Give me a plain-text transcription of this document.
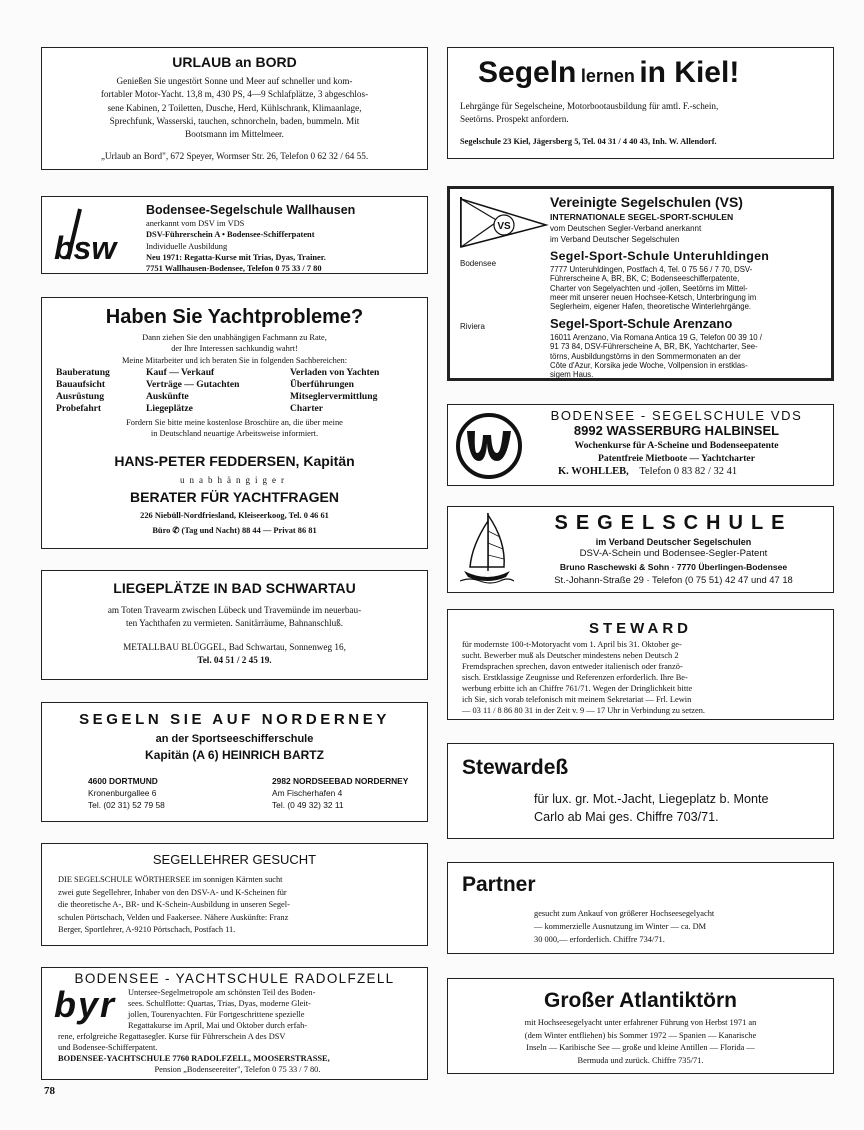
URLAUB an BORD
Genießen Sie ungestört Sonne und Meer auf schneller und kom-
fortabler Motor-Yacht. 13,8 m, 430 PS, 4—9 Schlafplätze, 3 abgeschlos-
sene Kabinen, 2 Toiletten, Dusche, Herd, Kühlschrank, Klimaanlage,
Sprechfunk, Wasserski, tauchen, schnorcheln, baden, bummeln. Mit
Bootsmann im Mittelmeer.
„Urlaub an Bord", 672 Speyer, Wormser Str. 26, Telefon 0 62 32 / 64 55.
bsw
Bodensee-Segelschule Wallhausen
anerkannt vom DSV im VDS
DSV-Führerschein A • Bodensee-Schifferpatent
Individuelle Ausbildung
Neu 1971: Regatta-Kurse mit Trias, Dyas, Trainer.
7751 Wallhausen-Bodensee, Telefon 0 75 33 / 7 80
Haben Sie Yachtprobleme?
Dann ziehen Sie den unabhängigen Fachmann zu Rate,
der Ihre Interessen sachkundig wahrt!
Meine Mitarbeiter und ich beraten Sie in folgenden Sachbereichen:
Bauberatung
Bauaufsicht
Ausrüstung
Probefahrt
Kauf — Verkauf
Verträge — Gutachten
Auskünfte
Liegeplätze
Verladen von Yachten
Überführungen
Mitseglervermittlung
Charter
Fordern Sie bitte meine kostenlose Broschüre an, die über meine
in Deutschland neuartige Arbeitsweise informiert.
HANS-PETER FEDDERSEN, Kapitän
unabhängiger
BERATER FÜR YACHTFRAGEN
226 Niebüll-Nordfriesland, Kleiseerkoog, Tel. 0 46 61
Büro ✆ (Tag und Nacht) 88 44 — Privat 86 81
LIEGEPLÄTZE IN BAD SCHWARTAU
am Toten Travearm zwischen Lübeck und Travemünde im neuerbau-
ten Yachthafen zu vermieten. Sanitärräume, Bahnanschluß.
METALLBAU BLÜGGEL, Bad Schwartau, Sonnenweg 16,
Tel. 04 51 / 2 45 19.
SEGELN SIE AUF NORDERNEY
an der Sportseeschifferschule
Kapitän (A 6) HEINRICH BARTZ
4600 DORTMUND
Kronenburgallee 6
Tel. (02 31) 52 79 58
2982 NORDSEEBAD NORDERNEY
Am Fischerhafen 4
Tel. (0 49 32) 32 11
SEGELLEHRER GESUCHT
DIE SEGELSCHULE WÖRTHERSEE im sonnigen Kärnten sucht
zwei gute Segellehrer, Inhaber von den DSV-A- und K-Scheinen für
die theoretische A-, BR- und K-Schein-Ausbildung in unseren Segel-
schulen Pörtschach, Velden und Faakersee. Nähere Auskünfte: Franz
Berger, Sportlehrer, A-9210 Pörtschach, Postfach 11.
BODENSEE - YACHTSCHULE RADOLFZELL
byr Untersee-Segelmetropole am schönsten Teil des Boden-
sees. Schulflotte: Quartas, Trias, Dyas, moderne Gleit-
jollen, Tourenyachten. Für Fortgeschrittene spezielle
Regattakurse im April, Mai und Oktober durch erfah-
rene, erfolgreiche Regattasegler. Kurse für Führerschein A des DSV
und Bodensee-Schifferpatent.
BODENSEE-YACHTSCHULE 7760 RADOLFZELL, MOOSERSTRASSE,
Pension „Bodenseereiter", Telefon 0 75 33 / 7 80.
78
Segeln lernen in Kiel!
Lehrgänge für Segelscheine, Motorbootausbildung für amtl. F.-schein,
Seetörns. Prospekt anfordern.
Segelschule 23 Kiel, Jägersberg 5, Tel. 04 31 / 4 40 43, Inh. W. Allendorf.
VS
Vereinigte Segelschulen (VS)
INTERNATIONALE SEGEL-SPORT-SCHULEN
vom Deutschen Segler-Verband anerkannt
im Verband Deutscher Segelschulen
Bodensee
Segel-Sport-Schule Unteruhldingen
7777 Unteruhldingen, Postfach 4, Tel. 0 75 56 / 7 70, DSV-
Führerscheine A, BR, BK, C; Bodenseeschifferpatente,
Charter von Segelyachten und -jollen, Seetörns im Mittel-
meer mit unserer neuen Hochsee-Ketsch, Unterbringung im
Seglerheim, eigener Hafen, theoretische Winterlehrgänge.
Riviera	Segel-Sport-Schule Arenzano
16011 Arenzano, Via Romana Antica 19 G, Telefon 00 39 10 /
91 73 84, DSV-Führerscheine A, BR, BK, Yachtcharter, See-
törns, Ausbildungstörns in den Sommermonaten an der
Côte d'Azur, Korsika jede Woche, Vollpension in erstklas-
sigem Haus.
BODENSEE - SEGELSCHULE VDS
8992 WASSERBURG HALBINSEL
Wochenkurse für A-Scheine und Bodenseepatente
Patentfreie Mietboote — Yachtcharter
K. WOHLLEB, Telefon 0 83 82 / 32 41
SEGELSCHULE
im Verband Deutscher Segelschulen
DSV-A-Schein und Bodensee-Segler-Patent
Bruno Raschewski & Sohn · 7770 Überlingen-Bodensee
St.-Johann-Straße 29 · Telefon (0 75 51) 42 47 und 47 18
STEWARD
für modernste 100-t-Motoryacht vom 1. April bis 31. Oktober ge-
sucht. Bewerber muß als Deutscher mindestens neben Deutsch 2
Fremdsprachen sprechen, davon entweder italienisch oder franzö-
sisch. Erstklassige Zeugnisse und Referenzen erforderlich. Ihre Be-
werbung erbitte ich an Chiffre 761/71. Wegen der Dringlichkeit bitte
ich Sie, sich vorab telefonisch mit meinem Sekretariat — Frl. Lewin
— 03 11 / 8 86 80 31 in der Zeit v. 9 — 17 Uhr in Verbindung zu setzen.
Stewardeß
für lux. gr. Mot.-Jacht, Liegeplatz b. Monte
Carlo ab Mai ges. Chiffre 703/71.
Partner
gesucht zum Ankauf von größerer Hochseesegelyacht
— kommerzielle Ausnutzung im Winter — ca. DM
30 000,— erforderlich. Chiffre 734/71.
Großer Atlantiktörn
mit Hochseesegelyacht unter erfahrener Führung von Herbst 1971 an
(dem Winter entfliehen) bis Sommer 1972 — Spanien — Kanarische
Inseln — Karibische See — große und kleine Antillen — Florida —
Bermuda und zurück. Chiffre 735/71.
